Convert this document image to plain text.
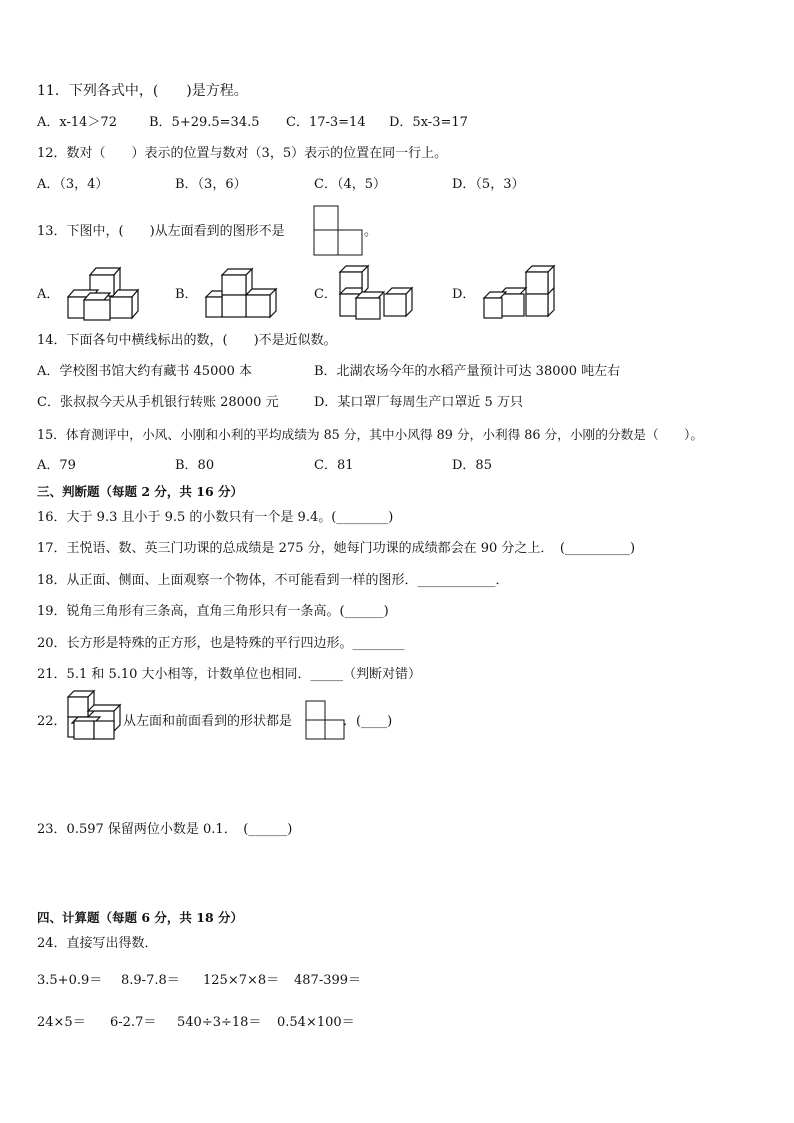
11．下列各式中，(　　)是方程。
A．x-14＞72 B．5+29.5=34.5 C．17-3=14 D．5x-3=17
12．数对（　　）表示的位置与数对（3，5）表示的位置在同一行上。
A．（3，4）	B．（3，6）	C．（4，5）	D．（5，3）
13．下图中，(　　)从左面看到的图形不是	。
A．	B．	C．	D．
14．下面各句中横线标出的数，(　　)不是近似数。
A．学校图书馆大约有藏书 45000 本	B．北湖农场今年的水稻产量预计可达 38000 吨左右
C．张叔叔今天从手机银行转账 28000 元	D．某口罩厂每周生产口罩近 5 万只
15．体育测评中，小风、小刚和小利的平均成绩为 85 分，其中小风得 89 分，小利得 86 分，小刚的分数是（　　）。
A．79	B．80	C．81	D．85
三、判断题（每题 2 分，共 16 分）
16．大于 9.3 且小于 9.5 的小数只有一个是 9.4。(________)
17．王悦语、数、英三门功课的总成绩是 275 分，她每门功课的成绩都会在 90 分之上．　(__________)
18．从正面、侧面、上面观察一个物体，不可能看到一样的图形．____________．
19．锐角三角形有三条高，直角三角形只有一条高。(______)
20．长方形是特殊的正方形，也是特殊的平行四边形。________
21．5.1 和 5.10 大小相等，计数单位也相同．_____（判断对错）
22．	从左面和前面看到的形状都是	．(____)
23．0.597 保留两位小数是 0.1．　(______)
四、计算题（每题 6 分，共 18 分）
24．直接写出得数．
3.5+0.9＝ 8.9-7.8＝ 125×7×8＝ 487-399＝
24×5＝ 6-2.7＝ 540÷3÷18＝ 0.54×100＝
